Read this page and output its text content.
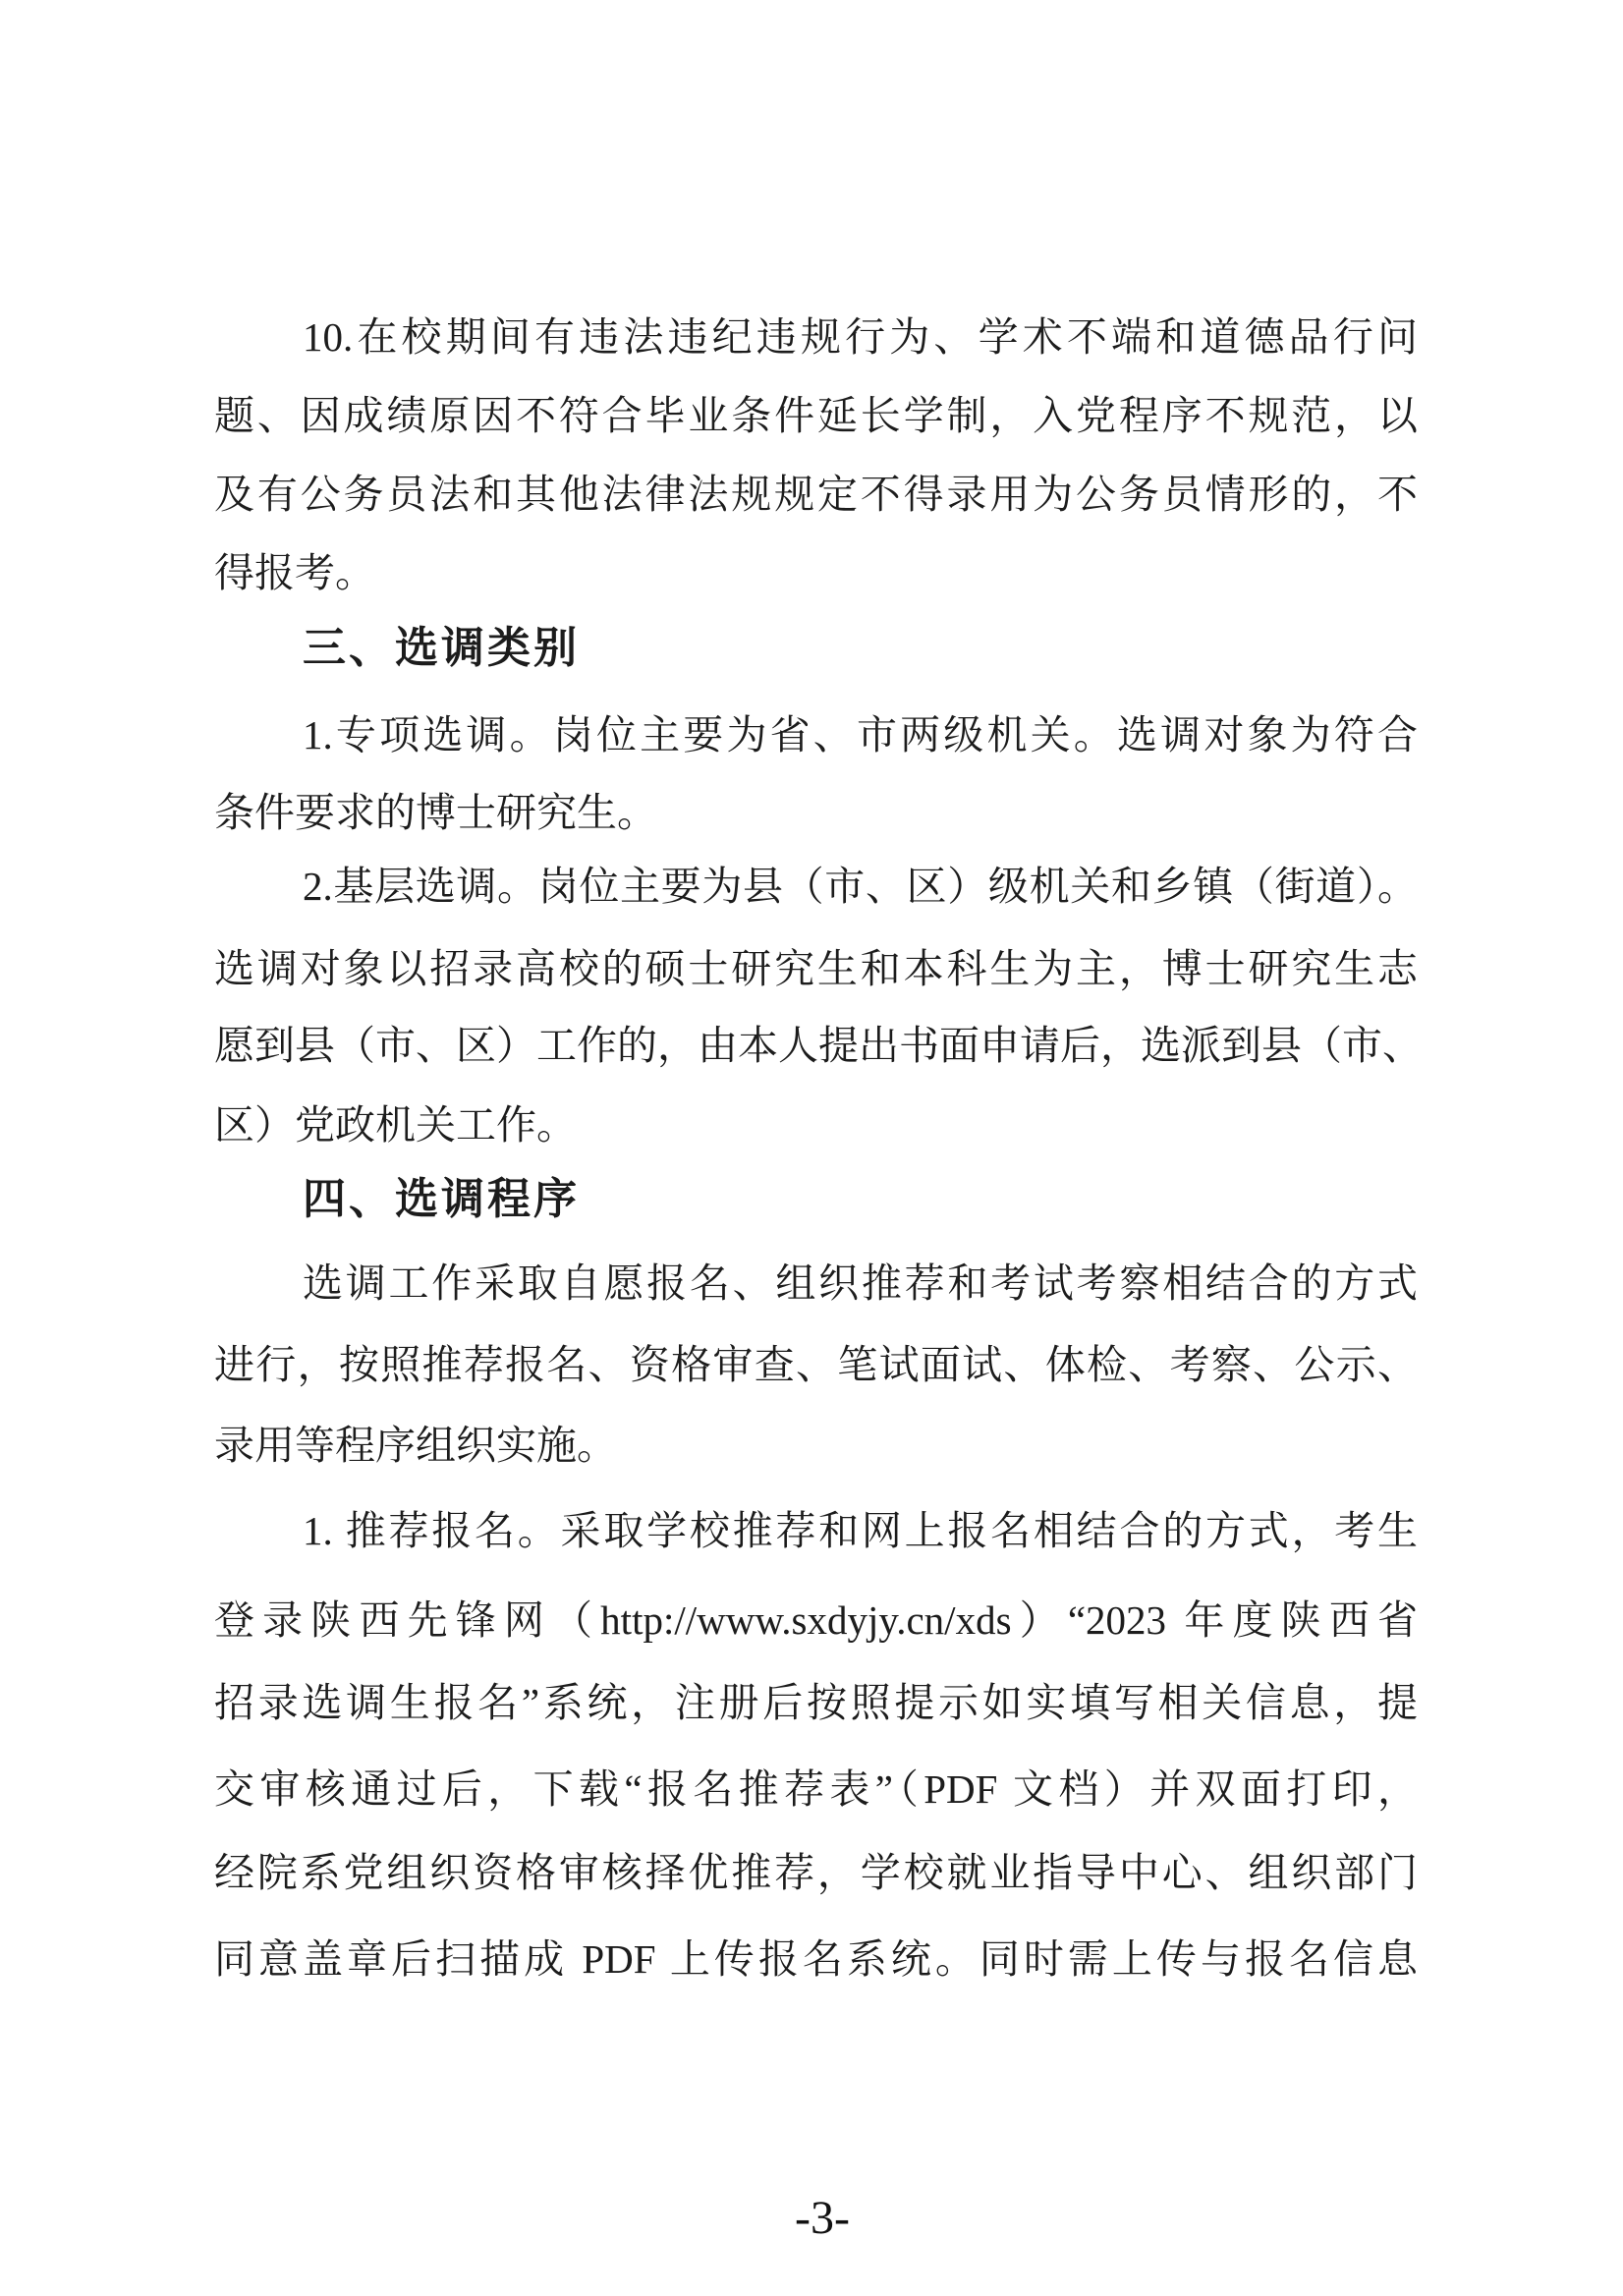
10.在校期间有违法违纪违规行为、学术不端和道德品行问
题、因成绩原因不符合毕业条件延长学制，入党程序不规范，以
及有公务员法和其他法律法规规定不得录用为公务员情形的，不
得报考。
三、选调类别
1.专项选调。岗位主要为省、市两级机关。选调对象为符合
条件要求的博士研究生。
2.基层选调。岗位主要为县（市、区）级机关和乡镇（街道）。
选调对象以招录高校的硕士研究生和本科生为主，博士研究生志
愿到县（市、区）工作的，由本人提出书面申请后，选派到县（市、
区）党政机关工作。
四、选调程序
选调工作采取自愿报名、组织推荐和考试考察相结合的方式
进行，按照推荐报名、资格审查、笔试面试、体检、考察、公示、
录用等程序组织实施。
1. 推荐报名。采取学校推荐和网上报名相结合的方式，考生
登录陕西先锋网（http://www.sxdyjy.cn/xds）“2023 年度陕西省
招录选调生报名”系统，注册后按照提示如实填写相关信息，提
交审核通过后，下载“报名推荐表”（PDF 文档）并双面打印，
经院系党组织资格审核择优推荐，学校就业指导中心、组织部门
同意盖章后扫描成 PDF 上传报名系统。同时需上传与报名信息
-3-
